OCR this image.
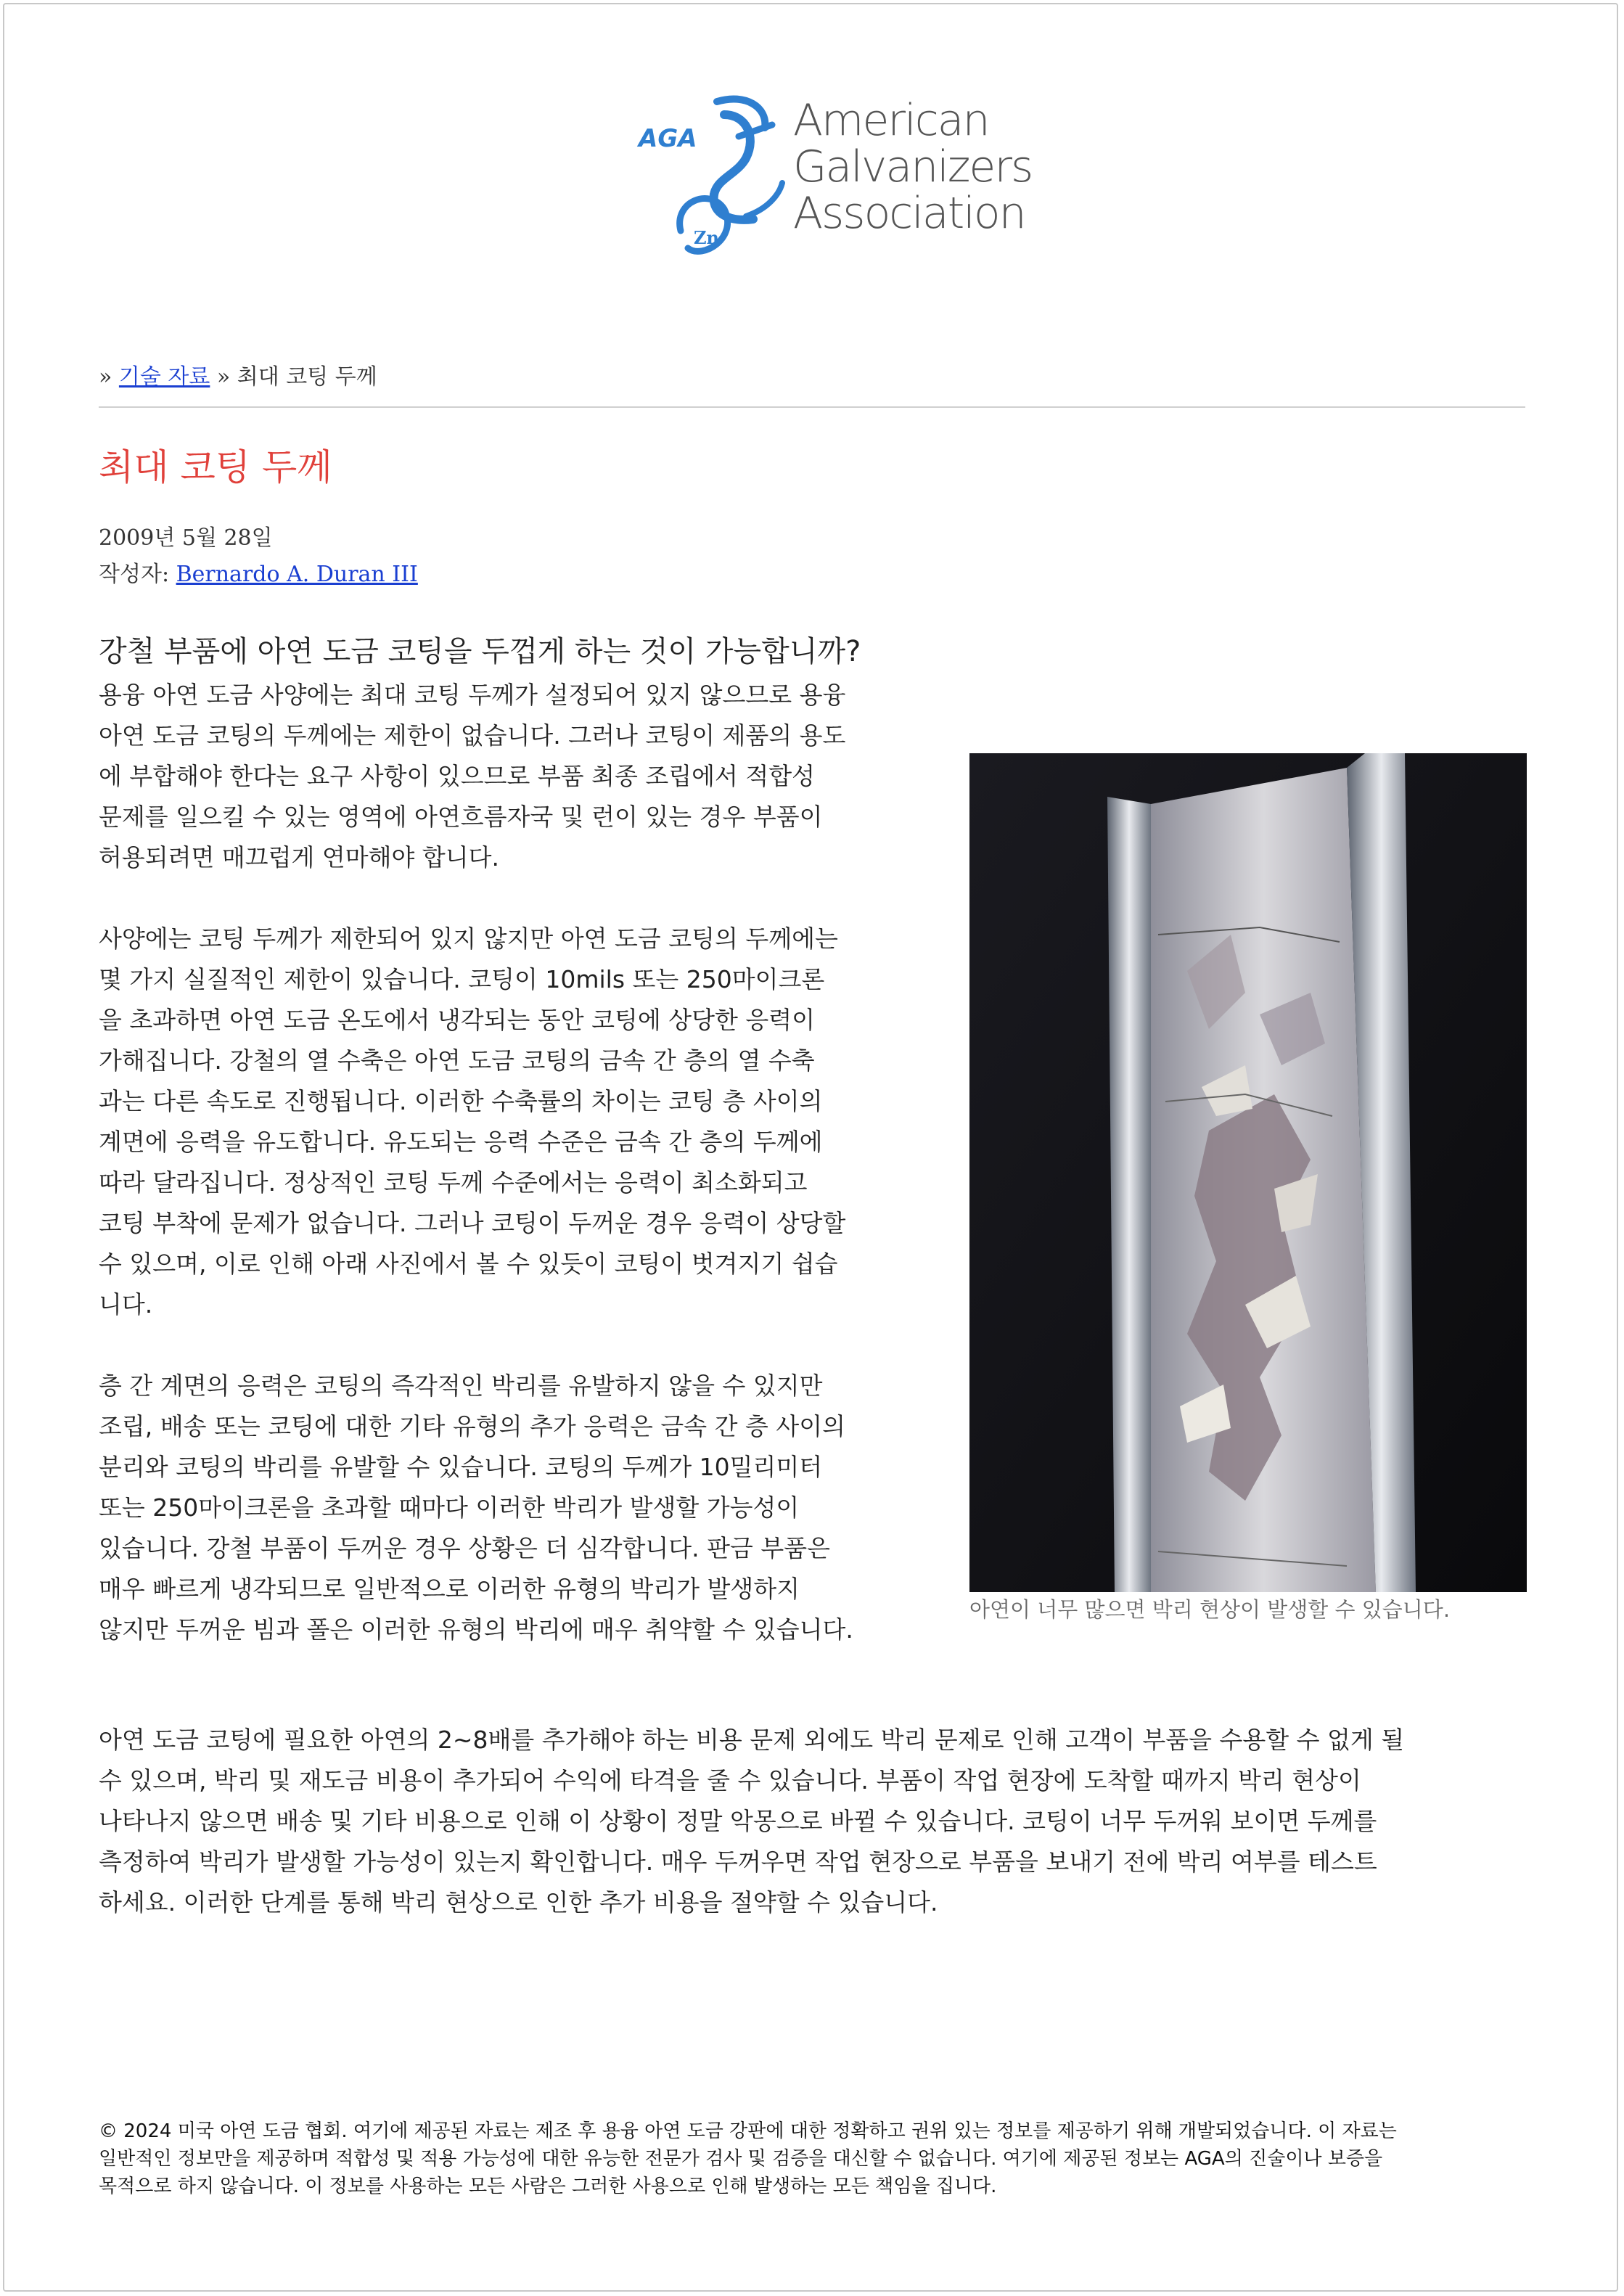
AGA
Zn
American
Galvanizers
Association
» 기술 자료 » 최대 코팅 두께
최대 코팅 두께
2009년 5월 28일
작성자: Bernardo A. Duran III
강철 부품에 아연 도금 코팅을 두껍게 하는 것이 가능합니까?

용융 아연 도금 사양에는 최대 코팅 두께가 설정되어 있지 않으므로 용융
아연 도금 코팅의 두께에는 제한이 없습니다. 그러나 코팅이 제품의 용도
에 부합해야 한다는 요구 사항이 있으므로 부품 최종 조립에서 적합성
문제를 일으킬 수 있는 영역에 아연흐름자국 및 런이 있는 경우 부품이
허용되려면 매끄럽게 연마해야 합니다.

사양에는 코팅 두께가 제한되어 있지 않지만 아연 도금 코팅의 두께에는
몇 가지 실질적인 제한이 있습니다. 코팅이 10mils 또는 250마이크론
을 초과하면 아연 도금 온도에서 냉각되는 동안 코팅에 상당한 응력이
가해집니다. 강철의 열 수축은 아연 도금 코팅의 금속 간 층의 열 수축
과는 다른 속도로 진행됩니다. 이러한 수축률의 차이는 코팅 층 사이의
계면에 응력을 유도합니다. 유도되는 응력 수준은 금속 간 층의 두께에
따라 달라집니다. 정상적인 코팅 두께 수준에서는 응력이 최소화되고
코팅 부착에 문제가 없습니다. 그러나 코팅이 두꺼운 경우 응력이 상당할
수 있으며, 이로 인해 아래 사진에서 볼 수 있듯이 코팅이 벗겨지기 쉽습
니다.

층 간 계면의 응력은 코팅의 즉각적인 박리를 유발하지 않을 수 있지만
조립, 배송 또는 코팅에 대한 기타 유형의 추가 응력은 금속 간 층 사이의
분리와 코팅의 박리를 유발할 수 있습니다. 코팅의 두께가 10밀리미터
또는 250마이크론을 초과할 때마다 이러한 박리가 발생할 가능성이
있습니다. 강철 부품이 두꺼운 경우 상황은 더 심각합니다. 판금 부품은
매우 빠르게 냉각되므로 일반적으로 이러한 유형의 박리가 발생하지
않지만 두꺼운 빔과 폴은 이러한 유형의 박리에 매우 취약할 수 있습니다.

아연이 너무 많으면 박리 현상이 발생할 수 있습니다.
아연 도금 코팅에 필요한 아연의 2~8배를 추가해야 하는 비용 문제 외에도 박리 문제로 인해 고객이 부품을 수용할 수 없게 될
수 있으며, 박리 및 재도금 비용이 추가되어 수익에 타격을 줄 수 있습니다. 부품이 작업 현장에 도착할 때까지 박리 현상이
나타나지 않으면 배송 및 기타 비용으로 인해 이 상황이 정말 악몽으로 바뀔 수 있습니다. 코팅이 너무 두꺼워 보이면 두께를
측정하여 박리가 발생할 가능성이 있는지 확인합니다. 매우 두꺼우면 작업 현장으로 부품을 보내기 전에 박리 여부를 테스트
하세요. 이러한 단계를 통해 박리 현상으로 인한 추가 비용을 절약할 수 있습니다.
© 2024 미국 아연 도금 협회. 여기에 제공된 자료는 제조 후 용융 아연 도금 강판에 대한 정확하고 권위 있는 정보를 제공하기 위해 개발되었습니다. 이 자료는
일반적인 정보만을 제공하며 적합성 및 적용 가능성에 대한 유능한 전문가 검사 및 검증을 대신할 수 없습니다. 여기에 제공된 정보는 AGA의 진술이나 보증을
목적으로 하지 않습니다. 이 정보를 사용하는 모든 사람은 그러한 사용으로 인해 발생하는 모든 책임을 집니다.
